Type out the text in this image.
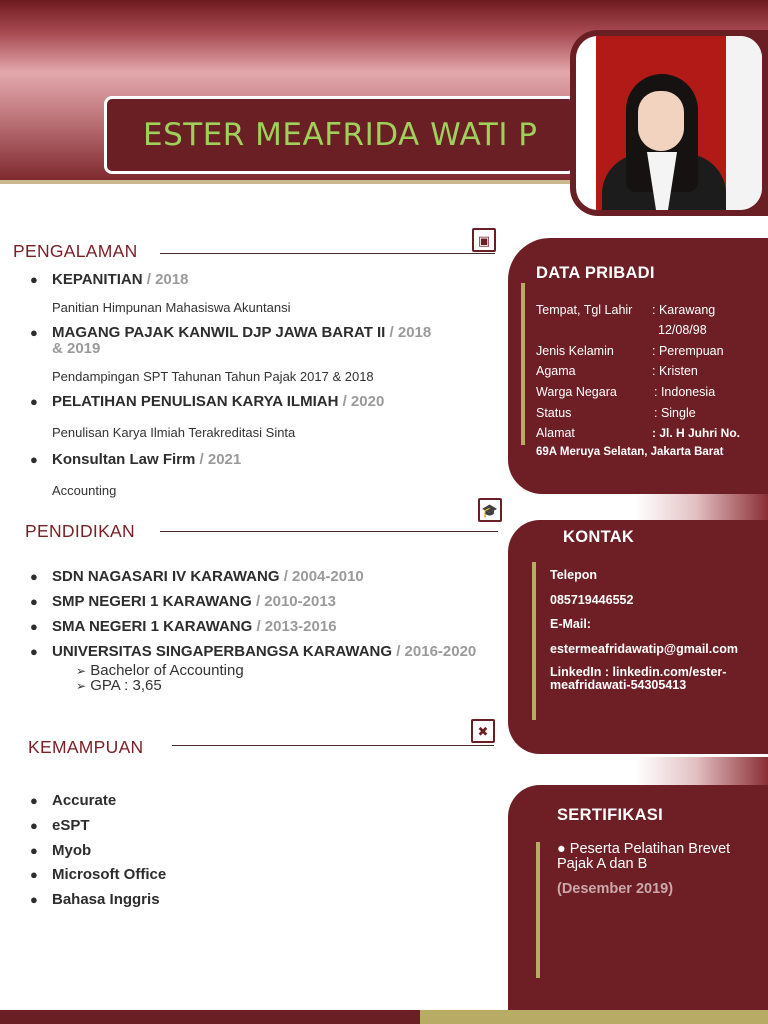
ESTER MEAFRIDA WATI P
PENGALAMAN
▣
● KEPANITIAN / 2018
Panitian Himpunan Mahasiswa Akuntansi
● MAGANG PAJAK KANWIL DJP JAWA BARAT II / 2018
& 2019
Pendampingan SPT Tahunan Tahun Pajak 2017 & 2018
● PELATIHAN PENULISAN KARYA ILMIAH / 2020
Penulisan Karya Ilmiah Terakreditasi Sinta
● Konsultan Law Firm / 2021
Accounting
PENDIDIKAN
🎓
● SDN NAGASARI IV KARAWANG / 2004-2010
● SMP NEGERI 1 KARAWANG / 2010-2013
● SMA NEGERI 1 KARAWANG / 2013-2016
● UNIVERSITAS SINGAPERBANGSA KARAWANG / 2016-2020
➢ Bachelor of Accounting
➢ GPA : 3,65
KEMAMPUAN
✖
● Accurate
● eSPT
● Myob
● Microsoft Office
● Bahasa Inggris
DATA PRIBADI
Tempat, Tgl Lahir : Karawang
12/08/98
Jenis Kelamin	: Perempuan
Agama	: Kristen
Warga Negara	: Indonesia
Status	: Single
Alamat	: Jl. H Juhri No.
69A Meruya Selatan, Jakarta Barat
KONTAK
Telepon
085719446552
E-Mail:
estermeafridawatip@gmail.com
LinkedIn : linkedin.com/ester-
meafridawati-54305413
SERTIFIKASI
● Peserta Pelatihan Brevet
Pajak A dan B
(Desember 2019)
